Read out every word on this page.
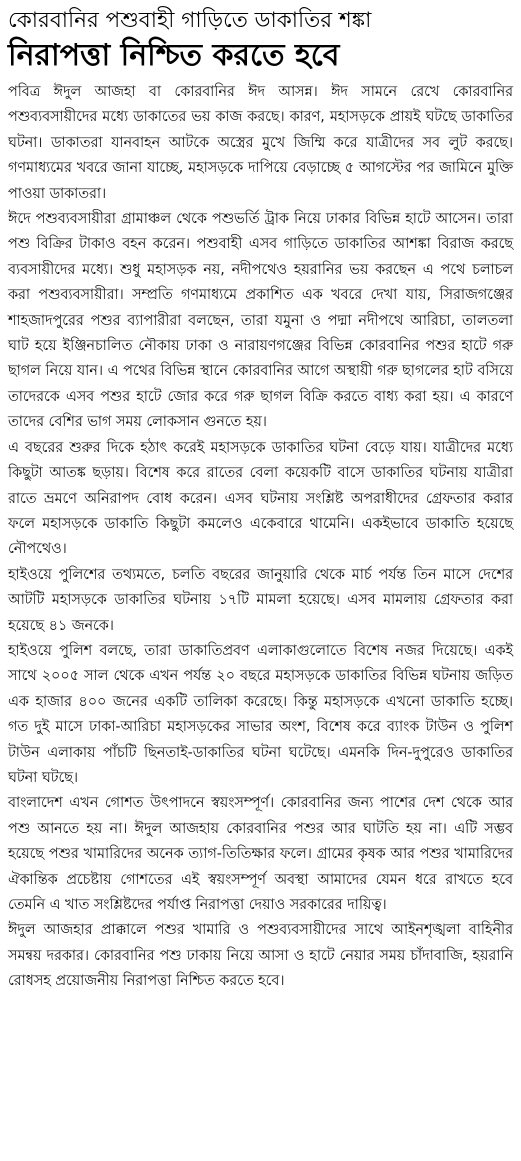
কোরবানির পশুবাহী গাড়িতে ডাকাতির শঙ্কা
নিরাপত্তা নিশ্চিত করতে হবে

পবিত্র ঈদুল আজহা বা কোরবানির ঈদ আসন্ন। ঈদ সামনে রেখে কোরবানির পশুব্যবসায়ীদের মধ্যে ডাকাতের ভয় কাজ করছে। কারণ, মহাসড়কে প্রায়ই ঘটছে ডাকাতির ঘটনা। ডাকাতরা যানবাহন আটকে অস্ত্রের মুখে জিম্মি করে যাত্রীদের সব লুট করছে। গণমাধ্যমের খবরে জানা যাচ্ছে, মহাসড়কে দাপিয়ে বেড়াচ্ছে ৫ আগস্টের পর জামিনে মুক্তি পাওয়া ডাকাতরা।

ঈদে পশুব্যবসায়ীরা গ্রামাঞ্চল থেকে পশুভর্তি ট্রাক নিয়ে ঢাকার বিভিন্ন হাটে আসেন। তারা পশু বিক্রির টাকাও বহন করেন। পশুবাহী এসব গাড়িতে ডাকাতির আশঙ্কা বিরাজ করছে ব্যবসায়ীদের মধ্যে। শুধু মহাসড়ক নয়, নদীপথেও হয়রানির ভয় করছেন এ পথে চলাচল করা পশুব্যবসায়ীরা। সম্প্রতি গণমাধ্যমে প্রকাশিত এক খবরে দেখা যায়, সিরাজগঞ্জের শাহজাদপুরের পশুর ব্যাপারীরা বলছেন, তারা যমুনা ও পদ্মা নদীপথে আরিচা, তালতলা ঘাট হয়ে ইঞ্জিনচালিত নৌকায় ঢাকা ও নারায়ণগঞ্জের বিভিন্ন কোরবানির পশুর হাটে গরু ছাগল নিয়ে যান। এ পথের বিভিন্ন স্থানে কোরবানির আগে অস্থায়ী গরু ছাগলের হাট বসিয়ে তাদেরকে এসব পশুর হাটে জোর করে গরু ছাগল বিক্রি করতে বাধ্য করা হয়। এ কারণে তাদের বেশির ভাগ সময় লোকসান গুনতে হয়।

এ বছরের শুরুর দিকে হঠাৎ করেই মহাসড়কে ডাকাতির ঘটনা বেড়ে যায়। যাত্রীদের মধ্যে কিছুটা আতঙ্ক ছড়ায়। বিশেষ করে রাতের বেলা কয়েকটি বাসে ডাকাতির ঘটনায় যাত্রীরা রাতে ভ্রমণে অনিরাপদ বোধ করেন। এসব ঘটনায় সংশ্লিষ্ট অপরাধীদের গ্রেফতার করার ফলে মহাসড়কে ডাকাতি কিছুটা কমলেও একেবারে থামেনি। একইভাবে ডাকাতি হয়েছে নৌপথেও।

হাইওয়ে পুলিশের তথ্যমতে, চলতি বছরের জানুয়ারি থেকে মার্চ পর্যন্ত তিন মাসে দেশের আটটি মহাসড়কে ডাকাতির ঘটনায় ১৭টি মামলা হয়েছে। এসব মামলায় গ্রেফতার করা হয়েছে ৪১ জনকে।

হাইওয়ে পুলিশ বলছে, তারা ডাকাতিপ্রবণ এলাকাগুলোতে বিশেষ নজর দিয়েছে। একই সাথে ২০০৫ সাল থেকে এখন পর্যন্ত ২০ বছরে মহাসড়কে ডাকাতির বিভিন্ন ঘটনায় জড়িত এক হাজার ৪০০ জনের একটি তালিকা করেছে। কিন্তু মহাসড়কে এখনো ডাকাতি হচ্ছে। গত দুই মাসে ঢাকা-আরিচা মহাসড়কের সাভার অংশ, বিশেষ করে ব্যাংক টাউন ও পুলিশ টাউন এলাকায় পাঁচটি ছিনতাই-ডাকাতির ঘটনা ঘটেছে। এমনকি দিন-দুপুরেও ডাকাতির ঘটনা ঘটছে।

বাংলাদেশ এখন গোশত উৎপাদনে স্বয়ংসম্পূর্ণ। কোরবানির জন্য পাশের দেশ থেকে আর পশু আনতে হয় না। ঈদুল আজহায় কোরবানির পশুর আর ঘাটতি হয় না। এটি সম্ভব হয়েছে পশুর খামারিদের অনেক ত্যাগ-তিতিক্ষার ফলে। গ্রামের কৃষক আর পশুর খামারিদের ঐকান্তিক প্রচেষ্টায় গোশতের এই স্বয়ংসম্পূর্ণ অবস্থা আমাদের যেমন ধরে রাখতে হবে তেমনি এ খাত সংশ্লিষ্টদের পর্যাপ্ত নিরাপত্তা দেয়াও সরকারের দায়িত্ব।

ঈদুল আজহার প্রাক্কালে পশুর খামারি ও পশুব্যবসায়ীদের সাথে আইনশৃঙ্খলা বাহিনীর সমন্বয় দরকার। কোরবানির পশু ঢাকায় নিয়ে আসা ও হাটে নেয়ার সময় চাঁদাবাজি, হয়রানি রোধসহ প্রয়োজনীয় নিরাপত্তা নিশ্চিত করতে হবে।
